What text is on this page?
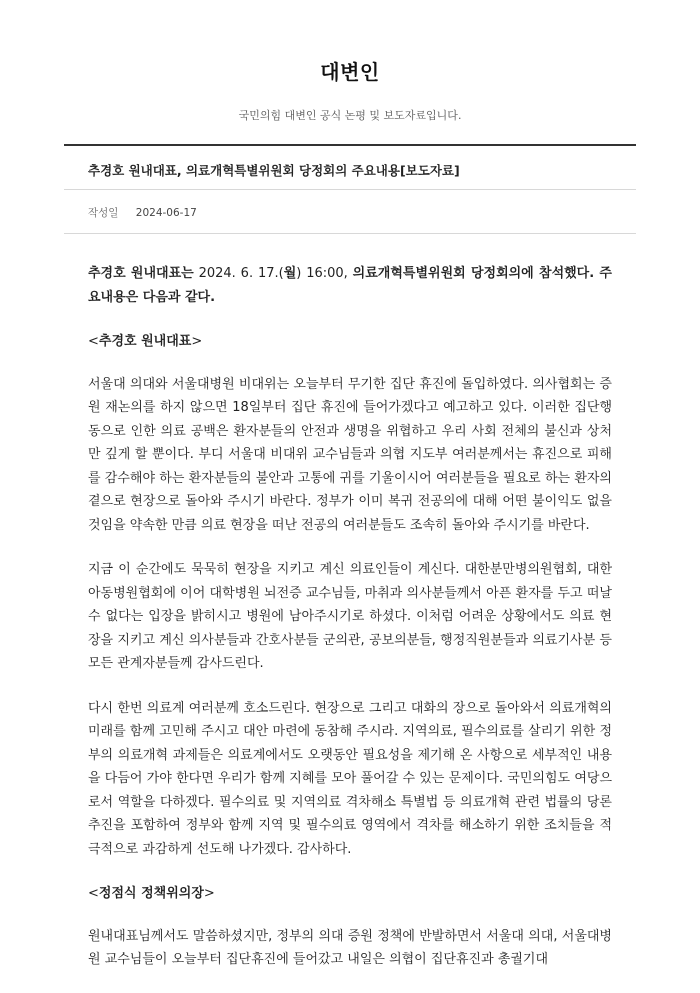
대변인
국민의힘 대변인 공식 논평 및 보도자료입니다.
추경호 원내대표, 의료개혁특별위원회 당정회의 주요내용[보도자료]
작성일 2024-06-17

추경호 원내대표는 2024. 6. 17.(월) 16:00, 의료개혁특별위원회 당정회의에 참석했다. 주요내용은 다음과 같다.

<추경호 원내대표>

서울대 의대와 서울대병원 비대위는 오늘부터 무기한 집단 휴진에 돌입하였다. 의사협회는 증원 재논의를 하지 않으면 18일부터 집단 휴진에 들어가겠다고 예고하고 있다. 이러한 집단행동으로 인한 의료 공백은 환자분들의 안전과 생명을 위협하고 우리 사회 전체의 불신과 상처만 깊게 할 뿐이다. 부디 서울대 비대위 교수님들과 의협 지도부 여러분께서는 휴진으로 피해를 감수해야 하는 환자분들의 불안과 고통에 귀를 기울이시어 여러분들을 필요로 하는 환자의 곁으로 현장으로 돌아와 주시기 바란다. 정부가 이미 복귀 전공의에 대해 어떤 불이익도 없을 것임을 약속한 만큼 의료 현장을 떠난 전공의 여러분들도 조속히 돌아와 주시기를 바란다.

지금 이 순간에도 묵묵히 현장을 지키고 계신 의료인들이 계신다. 대한분만병의원협회, 대한아동병원협회에 이어 대학병원 뇌전증 교수님들, 마취과 의사분들께서 아픈 환자를 두고 떠날 수 없다는 입장을 밝히시고 병원에 남아주시기로 하셨다. 이처럼 어려운 상황에서도 의료 현장을 지키고 계신 의사분들과 간호사분들 군의관, 공보의분들, 행정직원분들과 의료기사분 등 모든 관계자분들께 감사드린다.

다시 한번 의료계 여러분께 호소드린다. 현장으로 그리고 대화의 장으로 돌아와서 의료개혁의 미래를 함께 고민해 주시고 대안 마련에 동참해 주시라. 지역의료, 필수의료를 살리기 위한 정부의 의료개혁 과제들은 의료계에서도 오랫동안 필요성을 제기해 온 사항으로 세부적인 내용을 다듬어 가야 한다면 우리가 함께 지혜를 모아 풀어갈 수 있는 문제이다. 국민의힘도 여당으로서 역할을 다하겠다. 필수의료 및 지역의료 격차해소 특별법 등 의료개혁 관련 법률의 당론 추진을 포함하여 정부와 함께 지역 및 필수의료 영역에서 격차를 해소하기 위한 조치들을 적극적으로 과감하게 선도해 나가겠다. 감사하다.

<정점식 정책위의장>

원내대표님께서도 말씀하셨지만, 정부의 의대 증원 정책에 반발하면서 서울대 의대, 서울대병원 교수님들이 오늘부터 집단휴진에 들어갔고 내일은 의협이 집단휴진과 총궐기대
